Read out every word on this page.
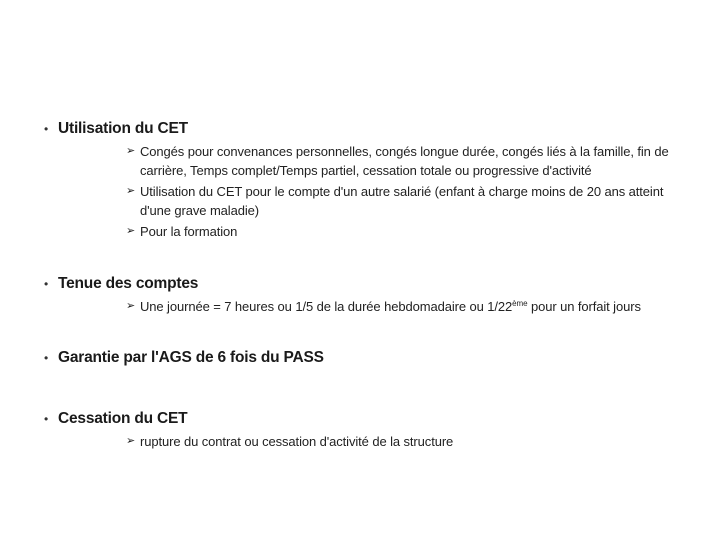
• Utilisation du CET
➢ Congés pour convenances personnelles, congés longue durée, congés liés à la famille, fin de carrière, Temps complet/Temps partiel, cessation totale ou progressive d'activité
➢ Utilisation du CET pour le compte d'un autre salarié (enfant à charge moins de 20 ans atteint d'une grave maladie)
➢ Pour la formation
• Tenue des comptes
➢ Une journée = 7 heures ou 1/5 de la durée hebdomadaire ou 1/22ème pour un forfait jours
• Garantie par l'AGS de 6 fois du PASS
• Cessation du CET
➢ rupture du contrat ou cessation d'activité de la structure
